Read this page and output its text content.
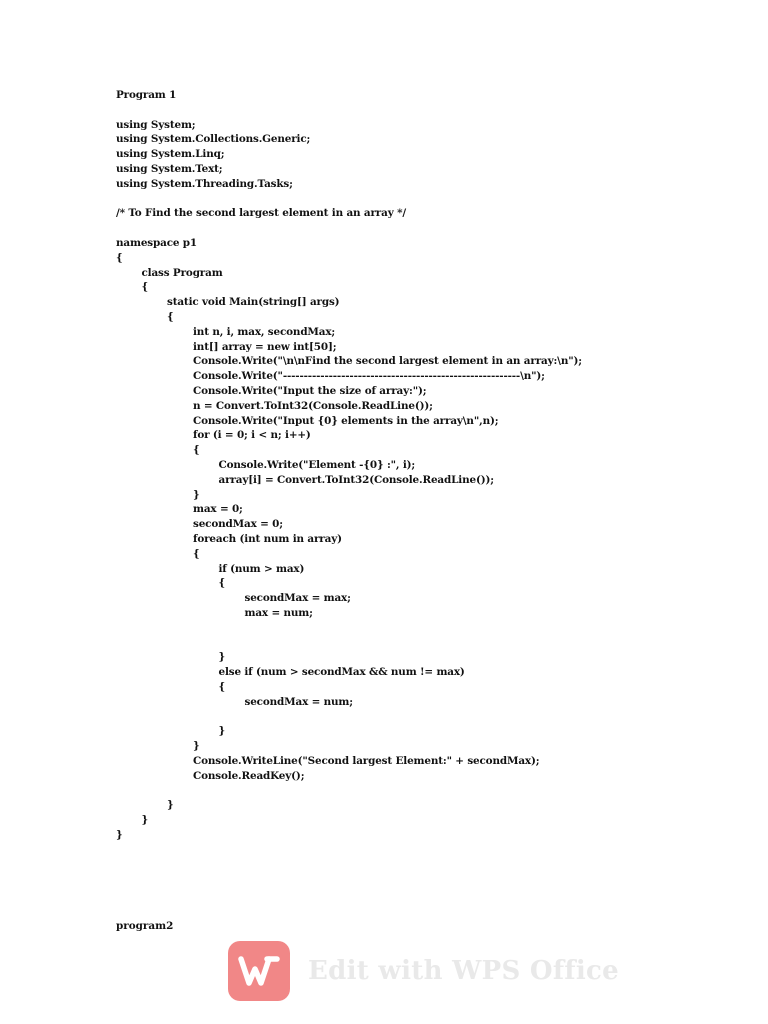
Program 1
using System;
using System.Collections.Generic;
using System.Linq;
using System.Text;
using System.Threading.Tasks;
/* To Find the second largest element in an array */
namespace p1
{
class Program
{
static void Main(string[] args)
{
int n, i, max, secondMax;
int[] array = new int[50];
Console.Write("\n\nFind the second largest element in an array:\n");
Console.Write("---------------------------------------------------------\n");
Console.Write("Input the size of array:");
n = Convert.ToInt32(Console.ReadLine());
Console.Write("Input {0} elements in the array\n",n);
for (i = 0; i < n; i++)
{
Console.Write("Element -{0} :", i);
array[i] = Convert.ToInt32(Console.ReadLine());
}
max = 0;
secondMax = 0;
foreach (int num in array)
{
if (num > max)
{
secondMax = max;
max = num;
}
else if (num > secondMax && num != max)
{
secondMax = num;
}
}
Console.WriteLine("Second largest Element:" + secondMax);
Console.ReadKey();
}
}
}
program2
Edit with WPS Office
